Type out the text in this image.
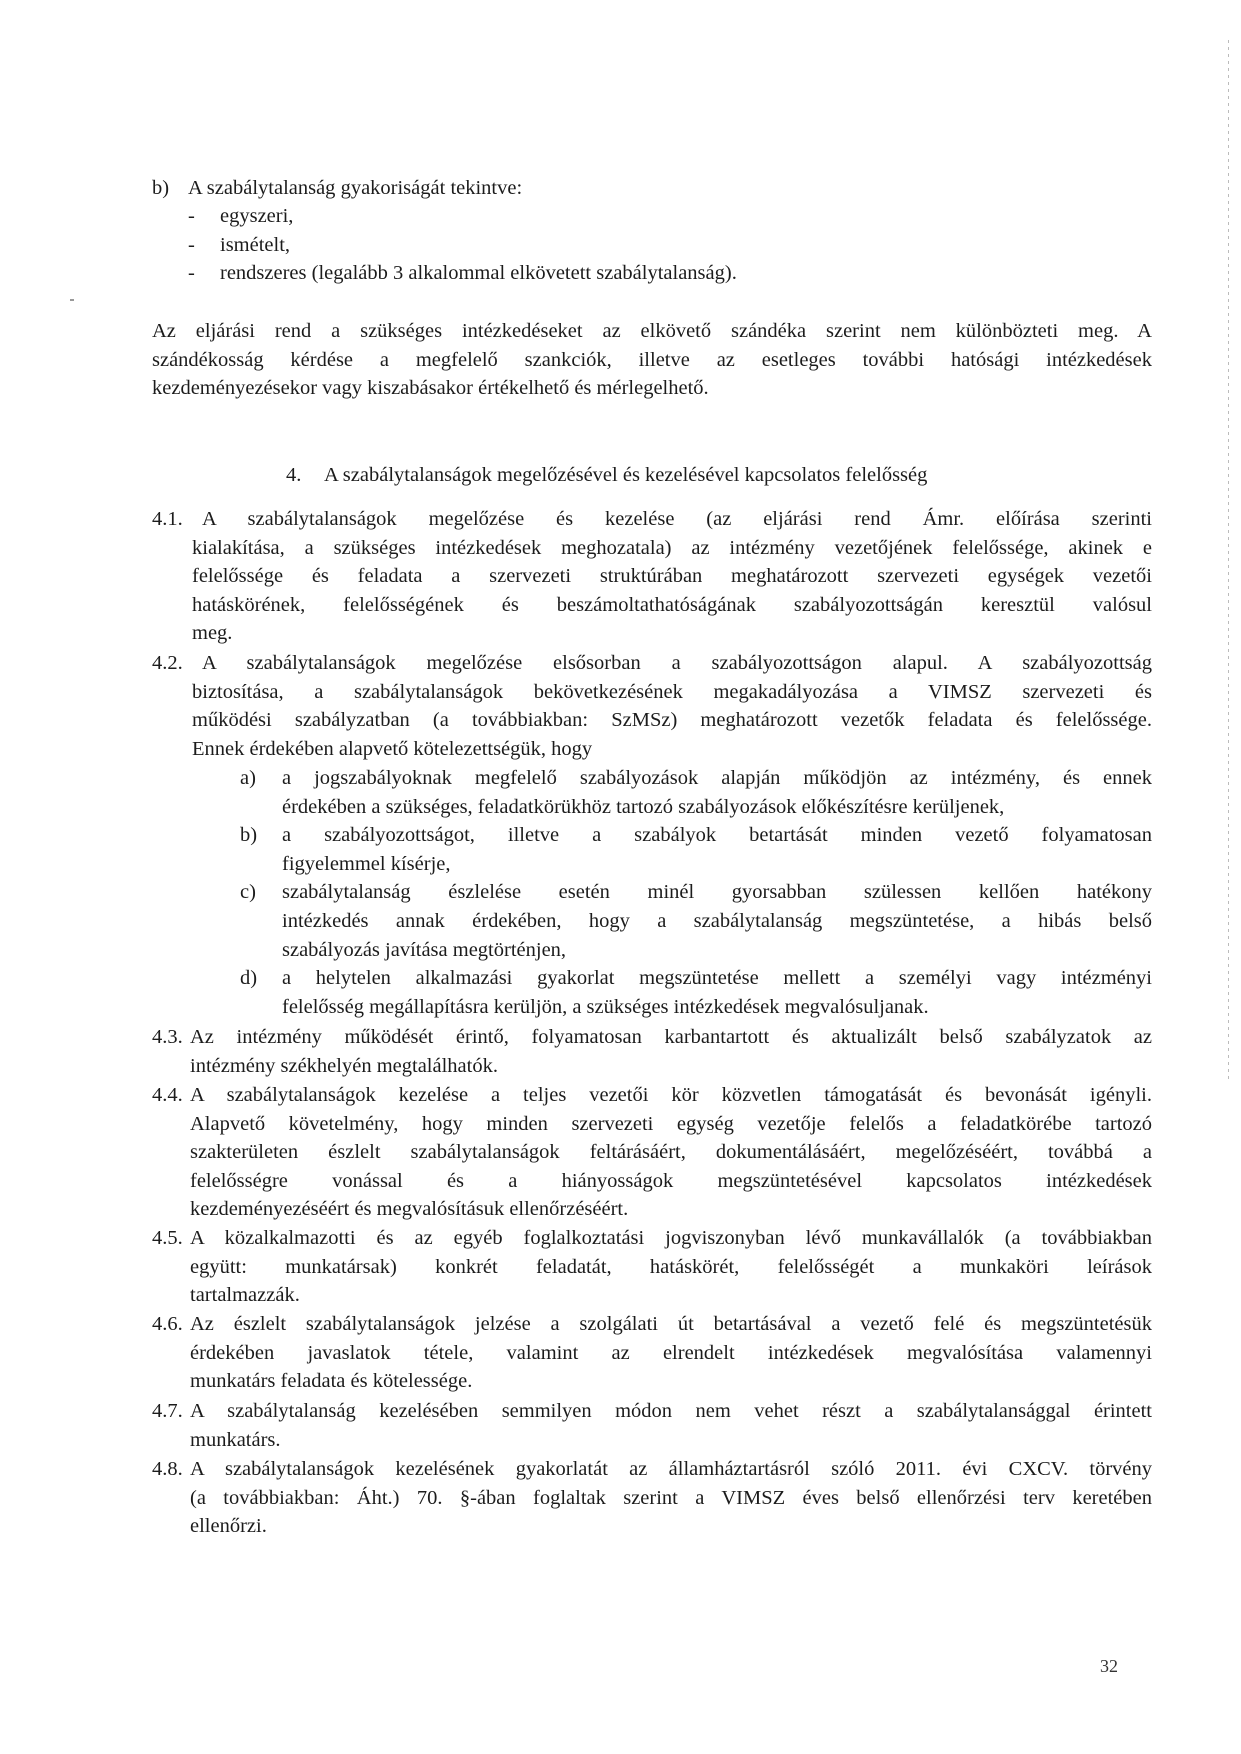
b) A szabálytalanság gyakoriságát tekintve:
- egyszeri,
- ismételt,
- rendszeres (legalább 3 alkalommal elkövetett szabálytalanság).
Az eljárási rend a szükséges intézkedéseket az elkövető szándéka szerint nem különbözteti meg. A
szándékosság kérdése a megfelelő szankciók, illetve az esetleges további hatósági intézkedések
kezdeményezésekor vagy kiszabásakor értékelhető és mérlegelhető.
4. A szabálytalanságok megelőzésével és kezelésével kapcsolatos felelősség
4.1. A szabálytalanságok megelőzése és kezelése (az eljárási rend Ámr. előírása szerinti
kialakítása, a szükséges intézkedések meghozatala) az intézmény vezetőjének felelőssége, akinek e
felelőssége és feladata a szervezeti struktúrában meghatározott szervezeti egységek vezetői
hatáskörének, felelősségének és beszámoltathatóságának szabályozottságán keresztül valósul
meg.
4.2. A szabálytalanságok megelőzése elsősorban a szabályozottságon alapul. A szabályozottság
biztosítása, a szabálytalanságok bekövetkezésének megakadályozása a VIMSZ szervezeti és
működési szabályzatban (a továbbiakban: SzMSz) meghatározott vezetők feladata és felelőssége.
Ennek érdekében alapvető kötelezettségük, hogy
a) a jogszabályoknak megfelelő szabályozások alapján működjön az intézmény, és ennek
érdekében a szükséges, feladatkörükhöz tartozó szabályozások előkészítésre kerüljenek,
b) a szabályozottságot, illetve a szabályok betartását minden vezető folyamatosan
figyelemmel kísérje,
c) szabálytalanság észlelése esetén minél gyorsabban szülessen kellően hatékony
intézkedés annak érdekében, hogy a szabálytalanság megszüntetése, a hibás belső
szabályozás javítása megtörténjen,
d) a helytelen alkalmazási gyakorlat megszüntetése mellett a személyi vagy intézményi
felelősség megállapításra kerüljön, a szükséges intézkedések megvalósuljanak.
4.3. Az intézmény működését érintő, folyamatosan karbantartott és aktualizált belső szabályzatok az
intézmény székhelyén megtalálhatók.
4.4. A szabálytalanságok kezelése a teljes vezetői kör közvetlen támogatását és bevonását igényli.
Alapvető követelmény, hogy minden szervezeti egység vezetője felelős a feladatkörébe tartozó
szakterületen észlelt szabálytalanságok feltárásáért, dokumentálásáért, megelőzéséért, továbbá a
felelősségre vonással és a hiányosságok megszüntetésével kapcsolatos intézkedések
kezdeményezéséért és megvalósításuk ellenőrzéséért.
4.5. A közalkalmazotti és az egyéb foglalkoztatási jogviszonyban lévő munkavállalók (a továbbiakban
együtt: munkatársak) konkrét feladatát, hatáskörét, felelősségét a munkaköri leírások
tartalmazzák.
4.6. Az észlelt szabálytalanságok jelzése a szolgálati út betartásával a vezető felé és megszüntetésük
érdekében javaslatok tétele, valamint az elrendelt intézkedések megvalósítása valamennyi
munkatárs feladata és kötelessége.
4.7. A szabálytalanság kezelésében semmilyen módon nem vehet részt a szabálytalansággal érintett
munkatárs.
4.8. A szabálytalanságok kezelésének gyakorlatát az államháztartásról szóló 2011. évi CXCV. törvény
(a továbbiakban: Áht.) 70. §-ában foglaltak szerint a VIMSZ éves belső ellenőrzési terv keretében
ellenőrzi.
32
